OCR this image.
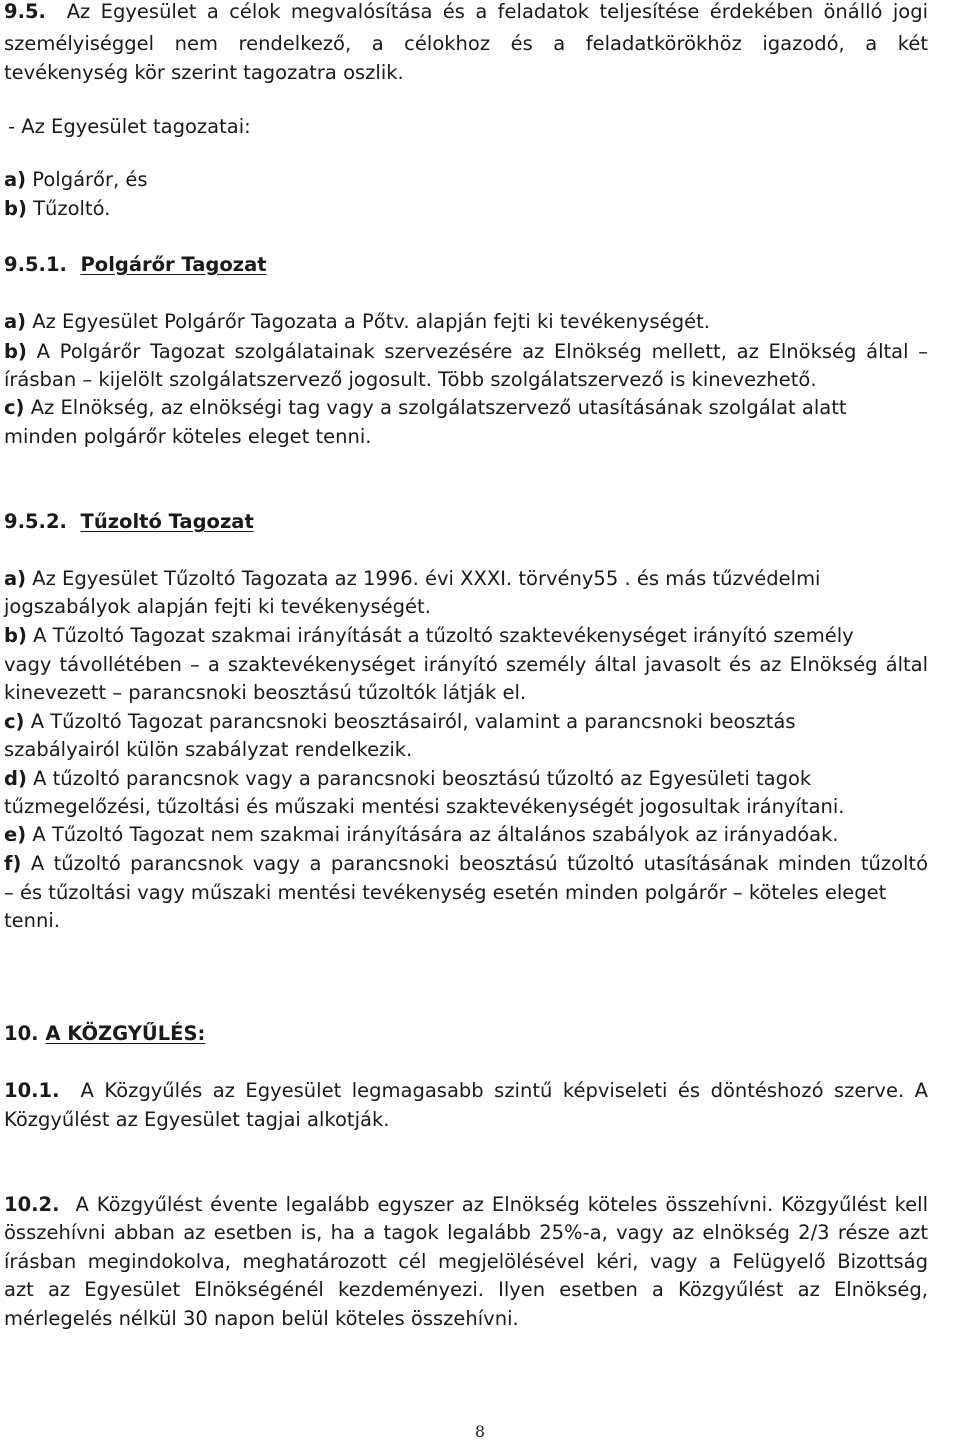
9.5. Az Egyesület a célok megvalósítása és a feladatok teljesítése érdekében önálló jogi
személyiséggel nem rendelkező, a célokhoz és a feladatkörökhöz igazodó, a két
tevékenység kör szerint tagozatra oszlik.
- Az Egyesület tagozatai:
a) Polgárőr, és
b) Tűzoltó.
9.5.1. Polgárőr Tagozat
a) Az Egyesület Polgárőr Tagozata a Pőtv. alapján fejti ki tevékenységét.
b) A Polgárőr Tagozat szolgálatainak szervezésére az Elnökség mellett, az Elnökség által –
írásban – kijelölt szolgálatszervező jogosult. Több szolgálatszervező is kinevezhető.
c) Az Elnökség, az elnökségi tag vagy a szolgálatszervező utasításának szolgálat alatt
minden polgárőr köteles eleget tenni.
9.5.2. Tűzoltó Tagozat
a) Az Egyesület Tűzoltó Tagozata az 1996. évi XXXI. törvény55 . és más tűzvédelmi
jogszabályok alapján fejti ki tevékenységét.
b) A Tűzoltó Tagozat szakmai irányítását a tűzoltó szaktevékenységet irányító személy
vagy távollétében – a szaktevékenységet irányító személy által javasolt és az Elnökség által
kinevezett – parancsnoki beosztású tűzoltók látják el.
c) A Tűzoltó Tagozat parancsnoki beosztásairól, valamint a parancsnoki beosztás
szabályairól külön szabályzat rendelkezik.
d) A tűzoltó parancsnok vagy a parancsnoki beosztású tűzoltó az Egyesületi tagok
tűzmegelőzési, tűzoltási és műszaki mentési szaktevékenységét jogosultak irányítani.
e) A Tűzoltó Tagozat nem szakmai irányítására az általános szabályok az irányadóak.
f) A tűzoltó parancsnok vagy a parancsnoki beosztású tűzoltó utasításának minden tűzoltó
– és tűzoltási vagy műszaki mentési tevékenység esetén minden polgárőr – köteles eleget
tenni.
10. A KÖZGYŰLÉS:
10.1. A Közgyűlés az Egyesület legmagasabb szintű képviseleti és döntéshozó szerve. A
Közgyűlést az Egyesület tagjai alkotják.
10.2. A Közgyűlést évente legalább egyszer az Elnökség köteles összehívni. Közgyűlést kell
összehívni abban az esetben is, ha a tagok legalább 25%-a, vagy az elnökség 2/3 része azt
írásban megindokolva, meghatározott cél megjelölésével kéri, vagy a Felügyelő Bizottság
azt az Egyesület Elnökségénél kezdeményezi. Ilyen esetben a Közgyűlést az Elnökség,
mérlegelés nélkül 30 napon belül köteles összehívni.
8
